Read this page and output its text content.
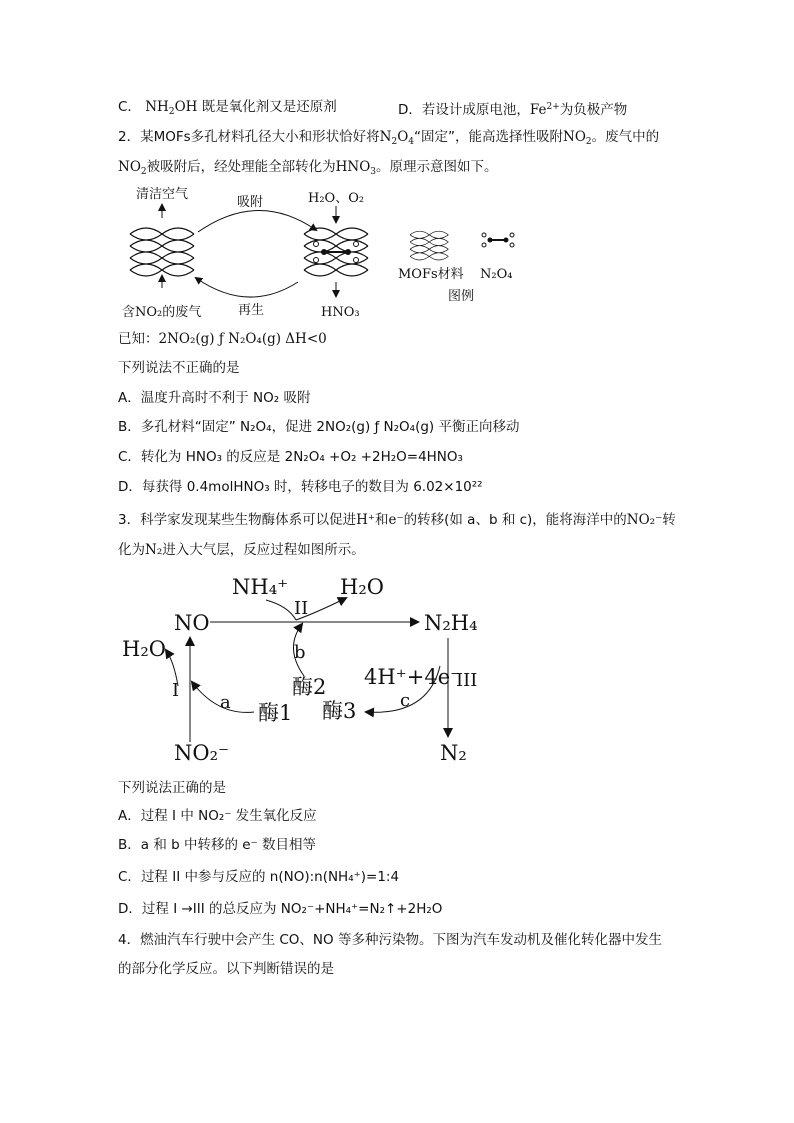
C． $NH_2OH$ 既是氧化剂又是还原剂	D．若设计成原电池，$Fe^{2+}$为负极产物
2．某MOFs多孔材料孔径大小和形状恰好将$N_2O_4“$固定”，能高选择性吸附$NO_2$。废气中的
$NO_2$被吸附后，经处理能全部转化为$HNO_3$。原理示意图如下。
清洁空气
含NO₂的废气
吸附
再生
H₂O、O₂
HNO₃
MOFs材料 N₂O₄
图例
已知：2NO₂(g) ƒ N₂O₄(g) ΔH<0
下列说法不正确的是
A．温度升高时不利于 NO₂ 吸附
B．多孔材料“固定” N₂O₄，促进 2NO₂(g) ƒ N₂O₄(g) 平衡正向移动
C．转化为 HNO₃ 的反应是 2N₂O₄ +O₂ +2H₂O=4HNO₃
D．每获得 0.4molHNO₃ 时，转移电子的数目为 6.02×10²²
3．科学家发现某些生物酶体系可以促进H⁺和e⁻的转移(如 a、b 和 c)，能将海洋中的NO₂⁻转
化为N₂进入大气层，反应过程如图所示。
NH₄⁺
II
H₂O
NO	N₂H₄
H₂O
I
b
酶2 4H⁺+4e⁻
c
酶3
a 酶1
III
NO₂⁻	N₂
下列说法正确的是
A．过程 I 中 NO₂⁻ 发生氧化反应
B．a 和 b 中转移的 e⁻ 数目相等
C．过程 II 中参与反应的 n(NO):n(NH₄⁺)=1:4
D．过程 I →III 的总反应为 NO₂⁻+NH₄⁺=N₂↑+2H₂O
4．燃油汽车行驶中会产生 CO、NO 等多种污染物。下图为汽车发动机及催化转化器中发生
的部分化学反应。以下判断错误的是
